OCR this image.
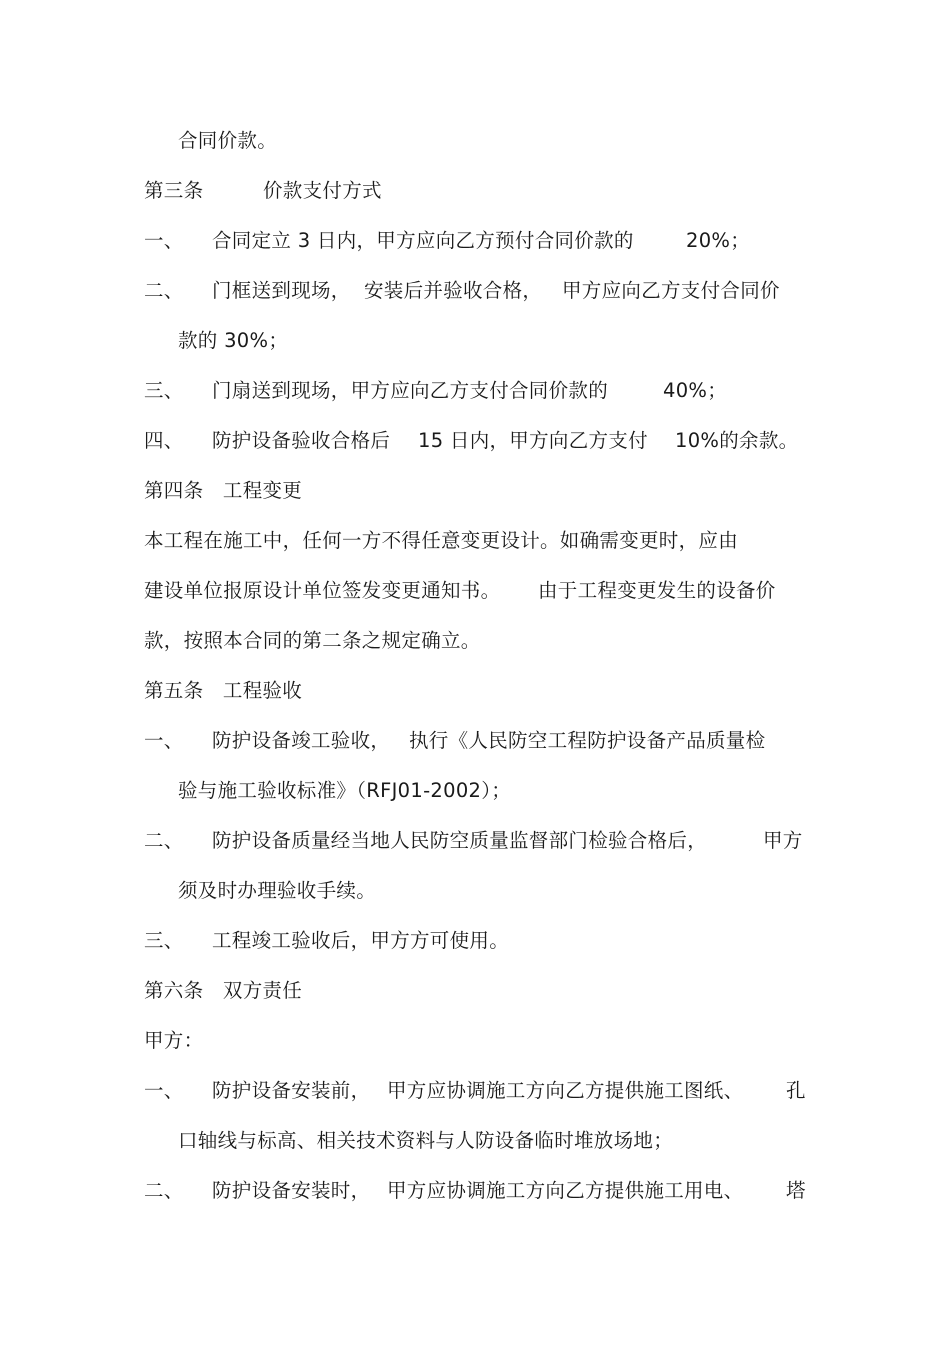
合同价款。
第三条	价款支付方式
一、 合同定立 3 日内，甲方应向乙方预付合同价款的	20%；
二、 门框送到现场， 安装后并验收合格， 甲方应向乙方支付合同价
款的 30%；
三、 门扇送到现场，甲方应向乙方支付合同价款的	40%；
四、 防护设备验收合格后 15 日内，甲方向乙方支付 10%的余款。
第四条   工程变更
本工程在施工中，任何一方不得任意变更设计。如确需变更时，应由
建设单位报原设计单位签发变更通知书。 由于工程变更发生的设备价
款，按照本合同的第二条之规定确立。
第五条   工程验收
一、 防护设备竣工验收， 执行《人民防空工程防护设备产品质量检
验与施工验收标准》（RFJ01-2002）；
二、 防护设备质量经当地人民防空质量监督部门检验合格后，	甲方
须及时办理验收手续。
三、 工程竣工验收后，甲方方可使用。
第六条   双方责任
甲方：
一、 防护设备安装前， 甲方应协调施工方向乙方提供施工图纸、 孔
口轴线与标高、相关技术资料与人防设备临时堆放场地；
二、 防护设备安装时， 甲方应协调施工方向乙方提供施工用电、 塔
